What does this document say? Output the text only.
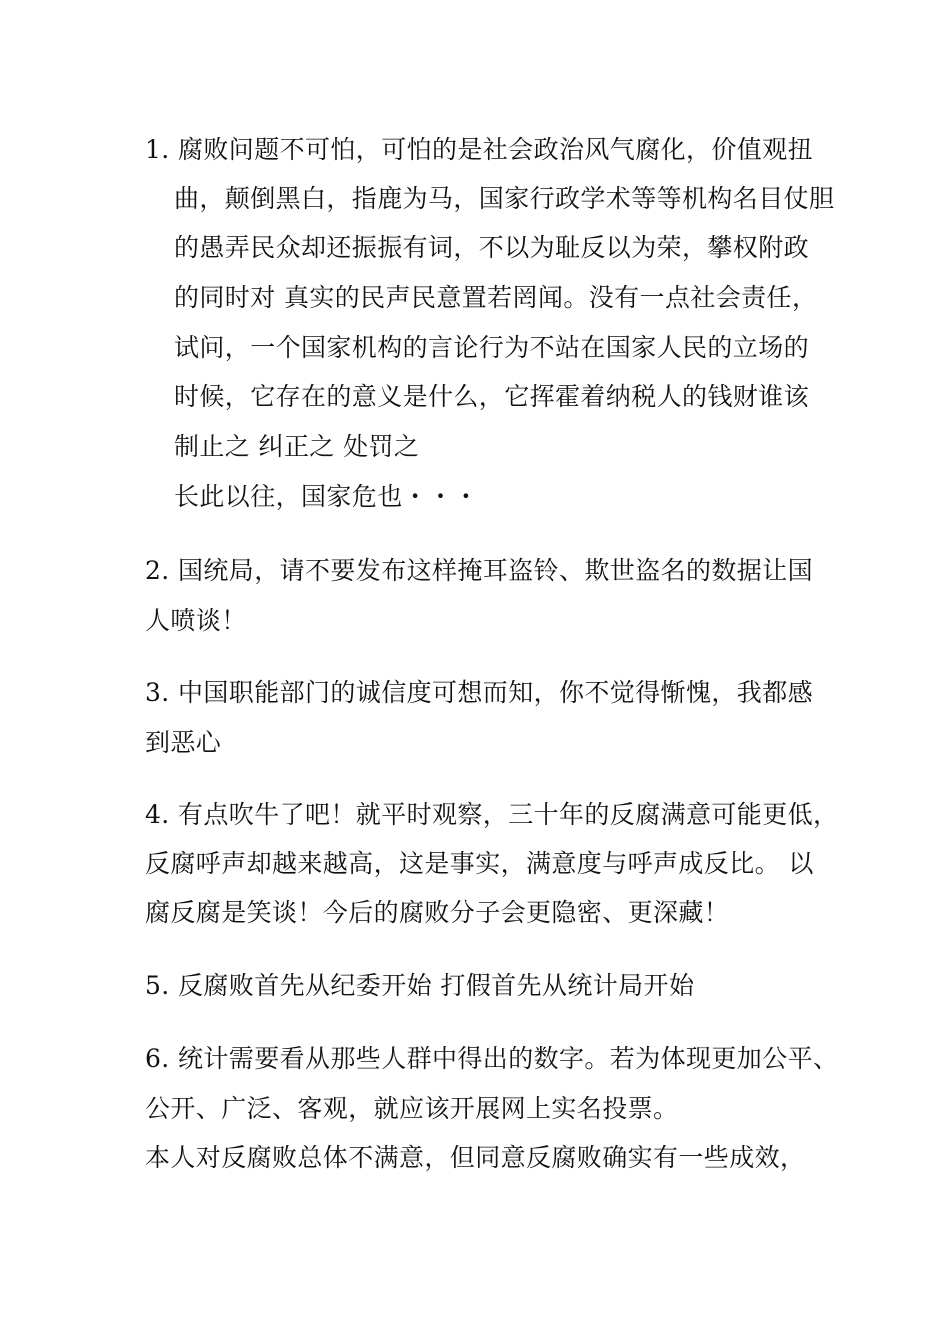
1. 腐败问题不可怕，可怕的是社会政治风气腐化，价值观扭
曲，颠倒黑白，指鹿为马，国家行政学术等等机构名目仗胆
的愚弄民众却还振振有词，不以为耻反以为荣，攀权附政
的同时对 真实的民声民意置若罔闻。没有一点社会责任，
试问，一个国家机构的言论行为不站在国家人民的立场的
时候，它存在的意义是什么，它挥霍着纳税人的钱财谁该
制止之 纠正之 处罚之
长此以往，国家危也・・・
2. 国统局，请不要发布这样掩耳盗铃、欺世盗名的数据让国
人喷谈！
3. 中国职能部门的诚信度可想而知，你不觉得惭愧，我都感
到恶心
4. 有点吹牛了吧！就平时观察，三十年的反腐满意可能更低，
反腐呼声却越来越高，这是事实，满意度与呼声成反比。 以
腐反腐是笑谈！今后的腐败分子会更隐密、更深藏！
5. 反腐败首先从纪委开始 打假首先从统计局开始
6. 统计需要看从那些人群中得出的数字。若为体现更加公平、
公开、广泛、客观，就应该开展网上实名投票。
本人对反腐败总体不满意，但同意反腐败确实有一些成效，
